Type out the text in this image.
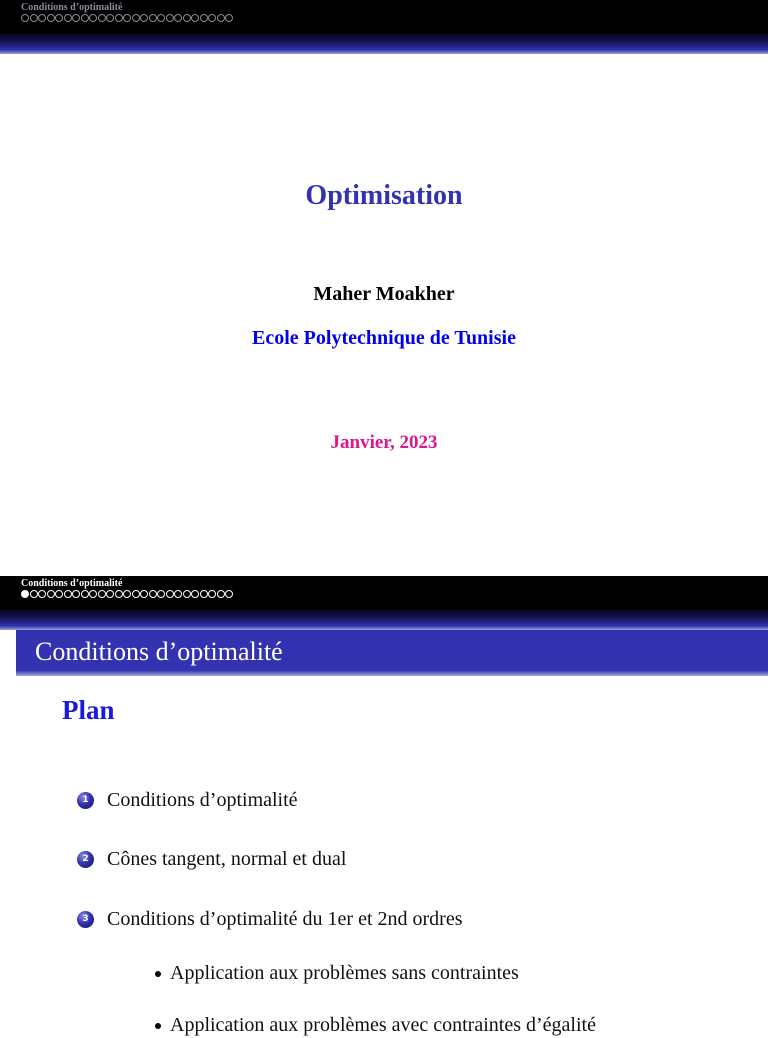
Conditions d’optimalité
Optimisation
Maher Moakher
Ecole Polytechnique de Tunisie
Janvier, 2023
Conditions d’optimalité
Conditions d’optimalité
Plan
1 Conditions d’optimalité
2 Cônes tangent, normal et dual
3 Conditions d’optimalité du 1er et 2nd ordres
Application aux problèmes sans contraintes
Application aux problèmes avec contraintes d’égalité
